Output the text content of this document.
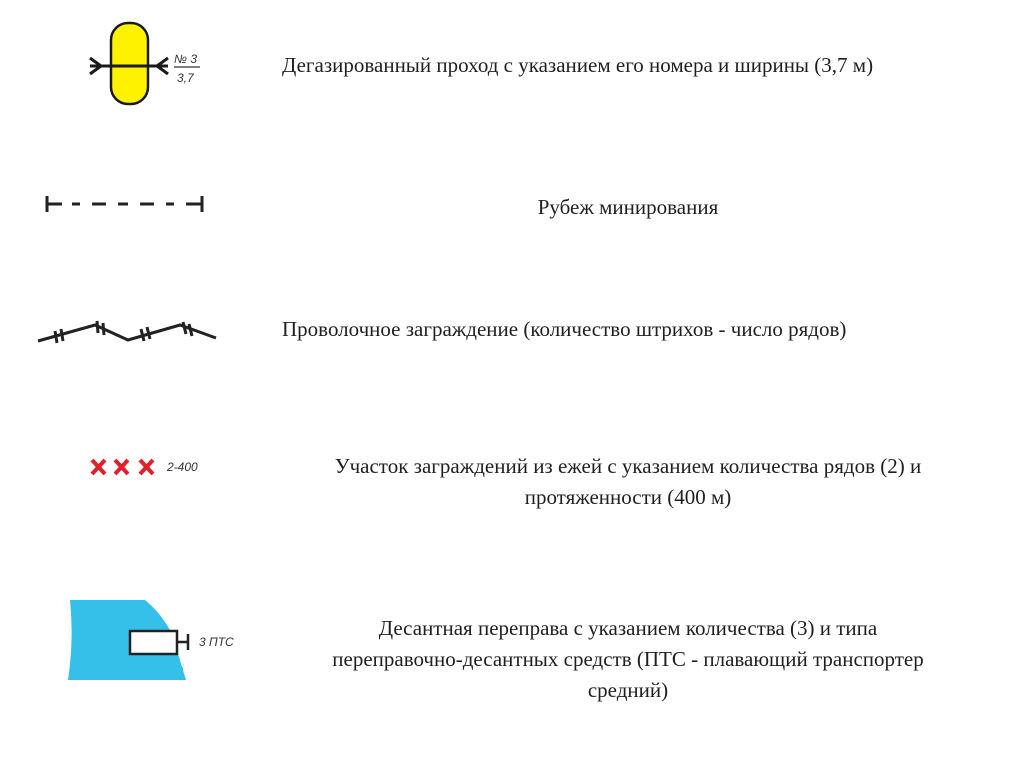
№ 3
3,7
Дегазированный проход с указанием его номера и ширины (3,7 м)
Рубеж минирования
Проволочное заграждение (количество штрихов - число рядов)
2-400	Участок заграждений из ежей с указанием количества рядов (2) и протяженности (400 м)
3 ПТС
Десантная переправа с указанием количества (3) и типа переправочно-десантных средств (ПТС - плавающий транспортер средний)
